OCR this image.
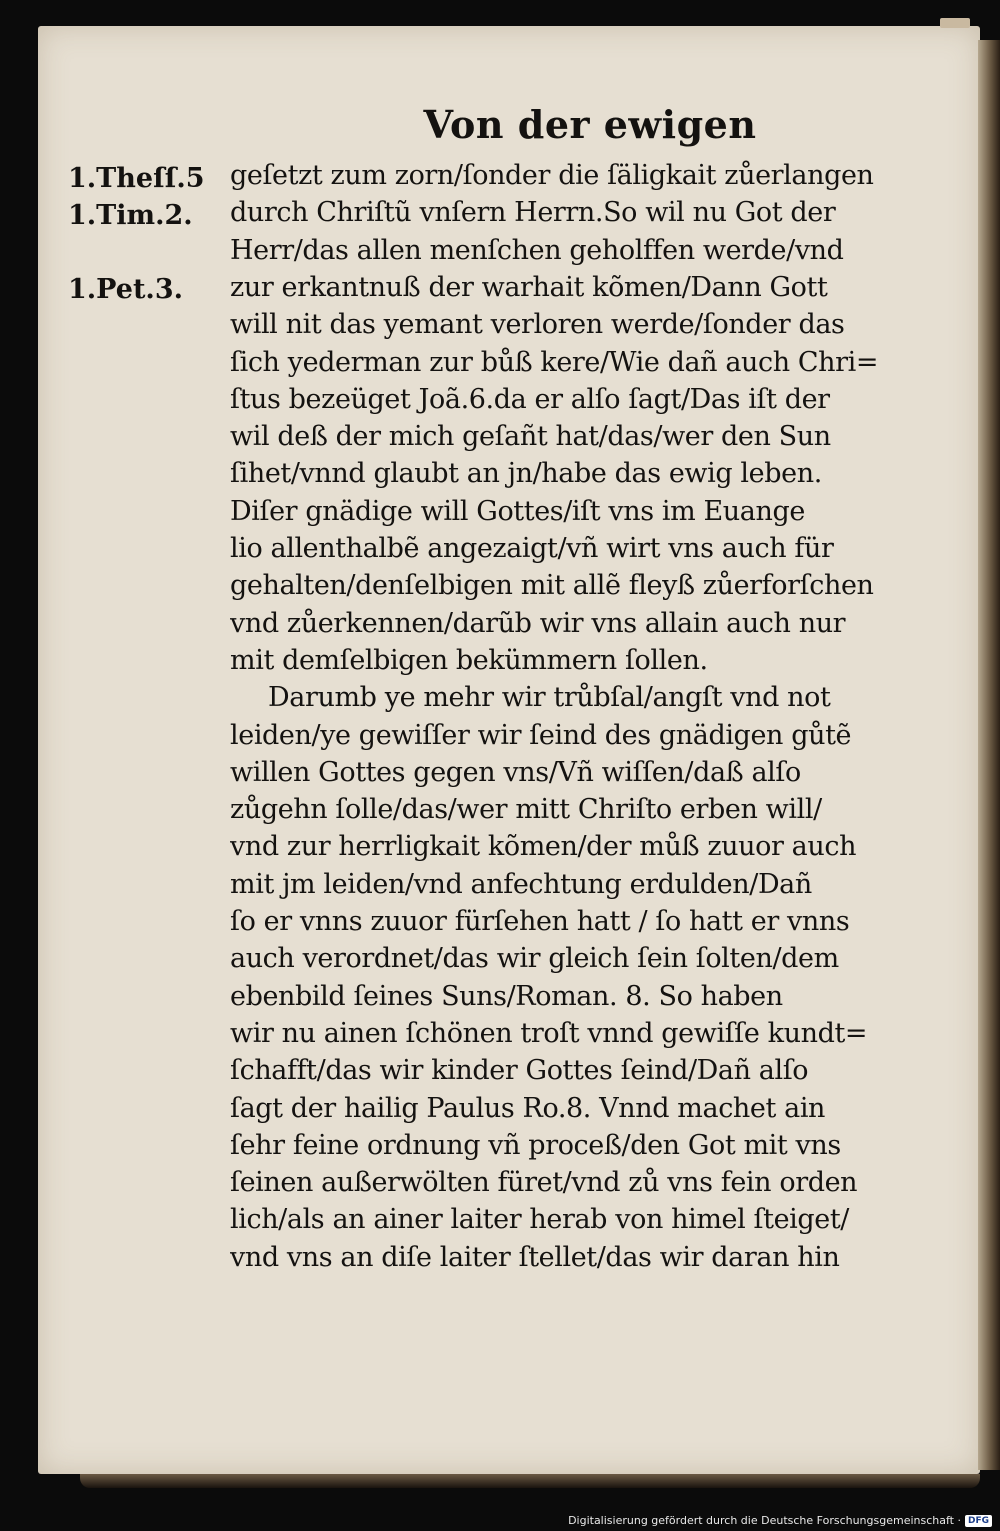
Von der ewigen
1.Theſſ.5
1.Tim.2.
1.Pet.3.
geſetzt zum zorn/ſonder die ſäligkait zůerlangen
durch Chriſtũ vnſern Herrn.So wil nu Got der
Herr/das allen menſchen geholffen werde/vnd
zur erkantnuß der warhait kõmen/Dann Gott
will nit das yemant verloren werde/ſonder das
ſich yederman zur bůß kere/Wie dañ auch Chri=
ſtus bezeüget Joã.6.da er alſo ſagt/Das iſt der
wil deß der mich geſañt hat/das/wer den Sun
ſihet/vnnd glaubt an jn/habe das ewig leben.
Diſer gnädige will Gottes/iſt vns im Euange
lio allenthalbẽ angezaigt/vñ wirt vns auch für
gehalten/denſelbigen mit allẽ fleyß zůerforſchen
vnd zůerkennen/darũb wir vns allain auch nur
mit demſelbigen bekümmern ſollen.
Darumb ye mehr wir trůbſal/angſt vnd not
leiden/ye gewiſſer wir ſeind des gnädigen gůtẽ
willen Gottes gegen vns/Vñ wiſſen/daß alſo
zůgehn ſolle/das/wer mitt Chriſto erben will/
vnd zur herrligkait kõmen/der můß zuuor auch
mit jm leiden/vnd anfechtung erdulden/Dañ
ſo er vnns zuuor fürſehen hatt / ſo hatt er vnns
auch verordnet/das wir gleich ſein ſolten/dem
ebenbild ſeines Suns/Roman. 8. So haben
wir nu ainen ſchönen troſt vnnd gewiſſe kundt=
ſchafft/das wir kinder Gottes ſeind/Dañ alſo
ſagt der hailig Paulus Ro.8. Vnnd machet ain
ſehr feine ordnung vñ proceß/den Got mit vns
ſeinen außerwölten füret/vnd zů vns fein orden
lich/als an ainer laiter herab von himel ſteiget/
vnd vns an diſe laiter ſtellet/das wir daran hin
Digitalisierung gefördert durch die Deutsche Forschungsgemeinschaft · DFG
